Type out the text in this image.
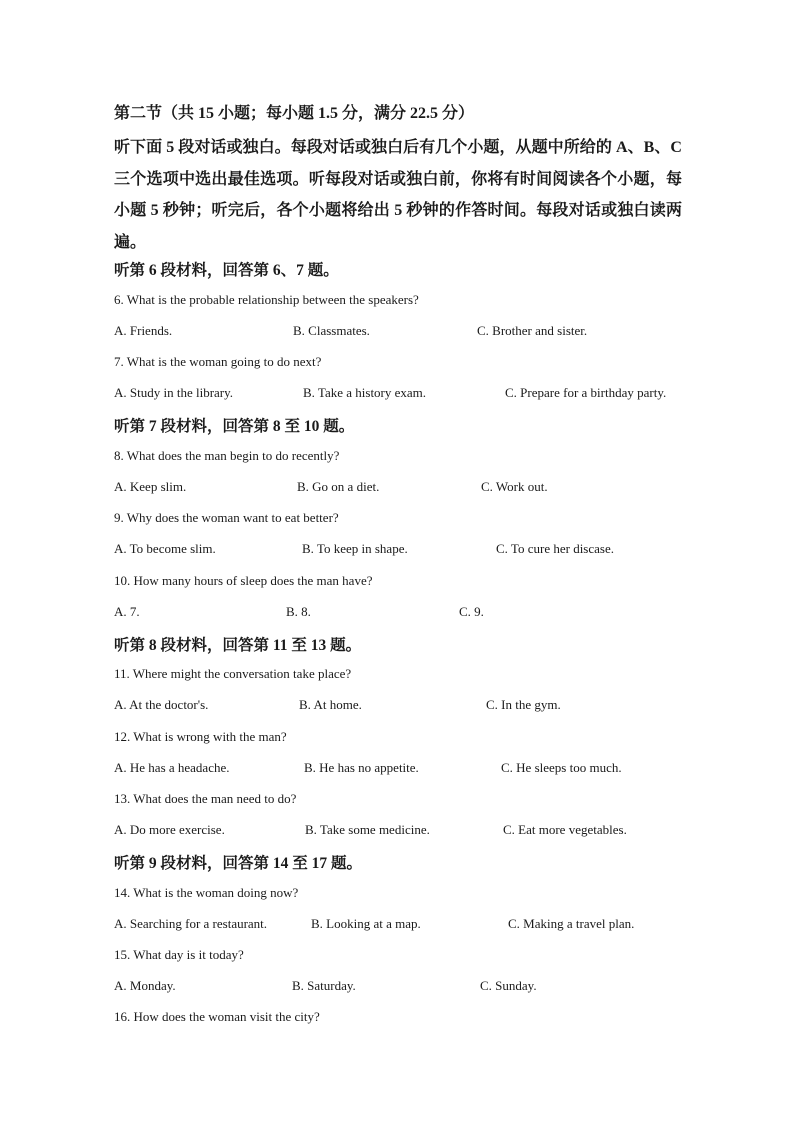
第二节（共 15 小题；每小题 1.5 分，满分 22.5 分）
听下面 5 段对话或独白。每段对话或独白后有几个小题，从题中所给的 A、B、C 三个选项中选出最佳选项。听每段对话或独白前，你将有时间阅读各个小题，每小题 5 秒钟；听完后，各个小题将给出 5 秒钟的作答时间。每段对话或独白读两遍。
听第 6 段材料，回答第 6、7 题。
6. What is the probable relationship between the speakers?
A. Friends.	B. Classmates.	C. Brother and sister.
7. What is the woman going to do next?
A. Study in the library.	B. Take a history exam.	C. Prepare for a birthday party.
听第 7 段材料，回答第 8 至 10 题。
8. What does the man begin to do recently?
A. Keep slim.	B. Go on a diet.	C. Work out.
9. Why does the woman want to eat better?
A. To become slim.	B. To keep in shape.	C. To cure her discase.
10. How many hours of sleep does the man have?
A. 7.	B. 8.	C. 9.
听第 8 段材料，回答第 11 至 13 题。
11. Where might the conversation take place?
A. At the doctor's.	B. At home.	C. In the gym.
12. What is wrong with the man?
A. He has a headache.	B. He has no appetite.	C. He sleeps too much.
13. What does the man need to do?
A. Do more exercise.	B. Take some medicine.	C. Eat more vegetables.
听第 9 段材料，回答第 14 至 17 题。
14. What is the woman doing now?
A. Searching for a restaurant.	B. Looking at a map.	C. Making a travel plan.
15. What day is it today?
A. Monday.	B. Saturday.	C. Sunday.
16. How does the woman visit the city?
